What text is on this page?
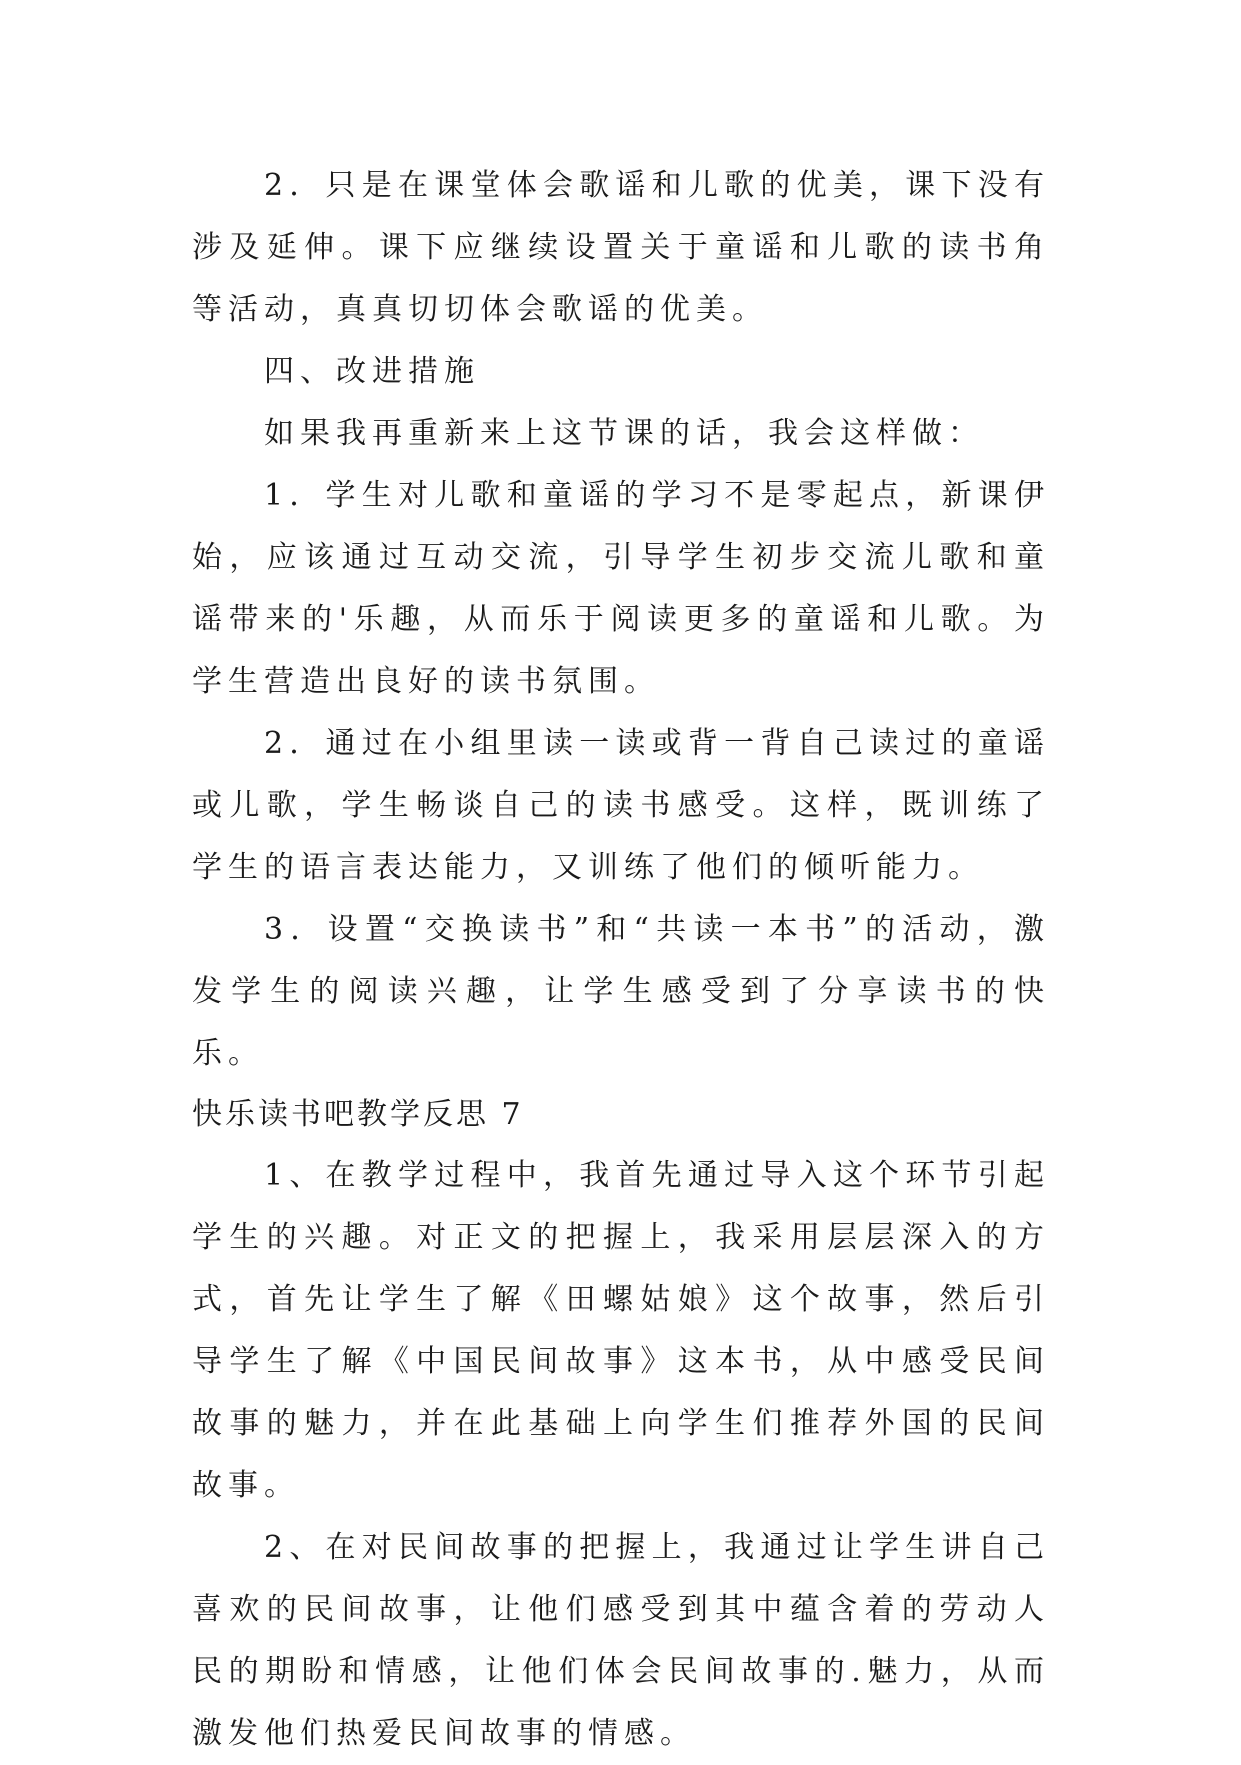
2．只是在课堂体会歌谣和儿歌的优美，课下没有涉及延伸。课下应继续设置关于童谣和儿歌的读书角等活动，真真切切体会歌谣的优美。

四、改进措施

如果我再重新来上这节课的话，我会这样做：

1．学生对儿歌和童谣的学习不是零起点，新课伊始，应该通过互动交流，引导学生初步交流儿歌和童谣带来的'乐趣，从而乐于阅读更多的童谣和儿歌。为学生营造出良好的读书氛围。

2．通过在小组里读一读或背一背自己读过的童谣或儿歌，学生畅谈自己的读书感受。这样，既训练了学生的语言表达能力，又训练了他们的倾听能力。

3．设置“交换读书”和“共读一本书”的活动，激发学生的阅读兴趣，让学生感受到了分享读书的快乐。

快乐读书吧教学反思 7

1、在教学过程中，我首先通过导入这个环节引起学生的兴趣。对正文的把握上，我采用层层深入的方式，首先让学生了解《田螺姑娘》这个故事，然后引导学生了解《中国民间故事》这本书，从中感受民间故事的魅力，并在此基础上向学生们推荐外国的民间故事。

2、在对民间故事的把握上，我通过让学生讲自己喜欢的民间故事，让他们感受到其中蕴含着的劳动人民的期盼和情感，让他们体会民间故事的.魅力，从而激发他们热爱民间故事的情感。
